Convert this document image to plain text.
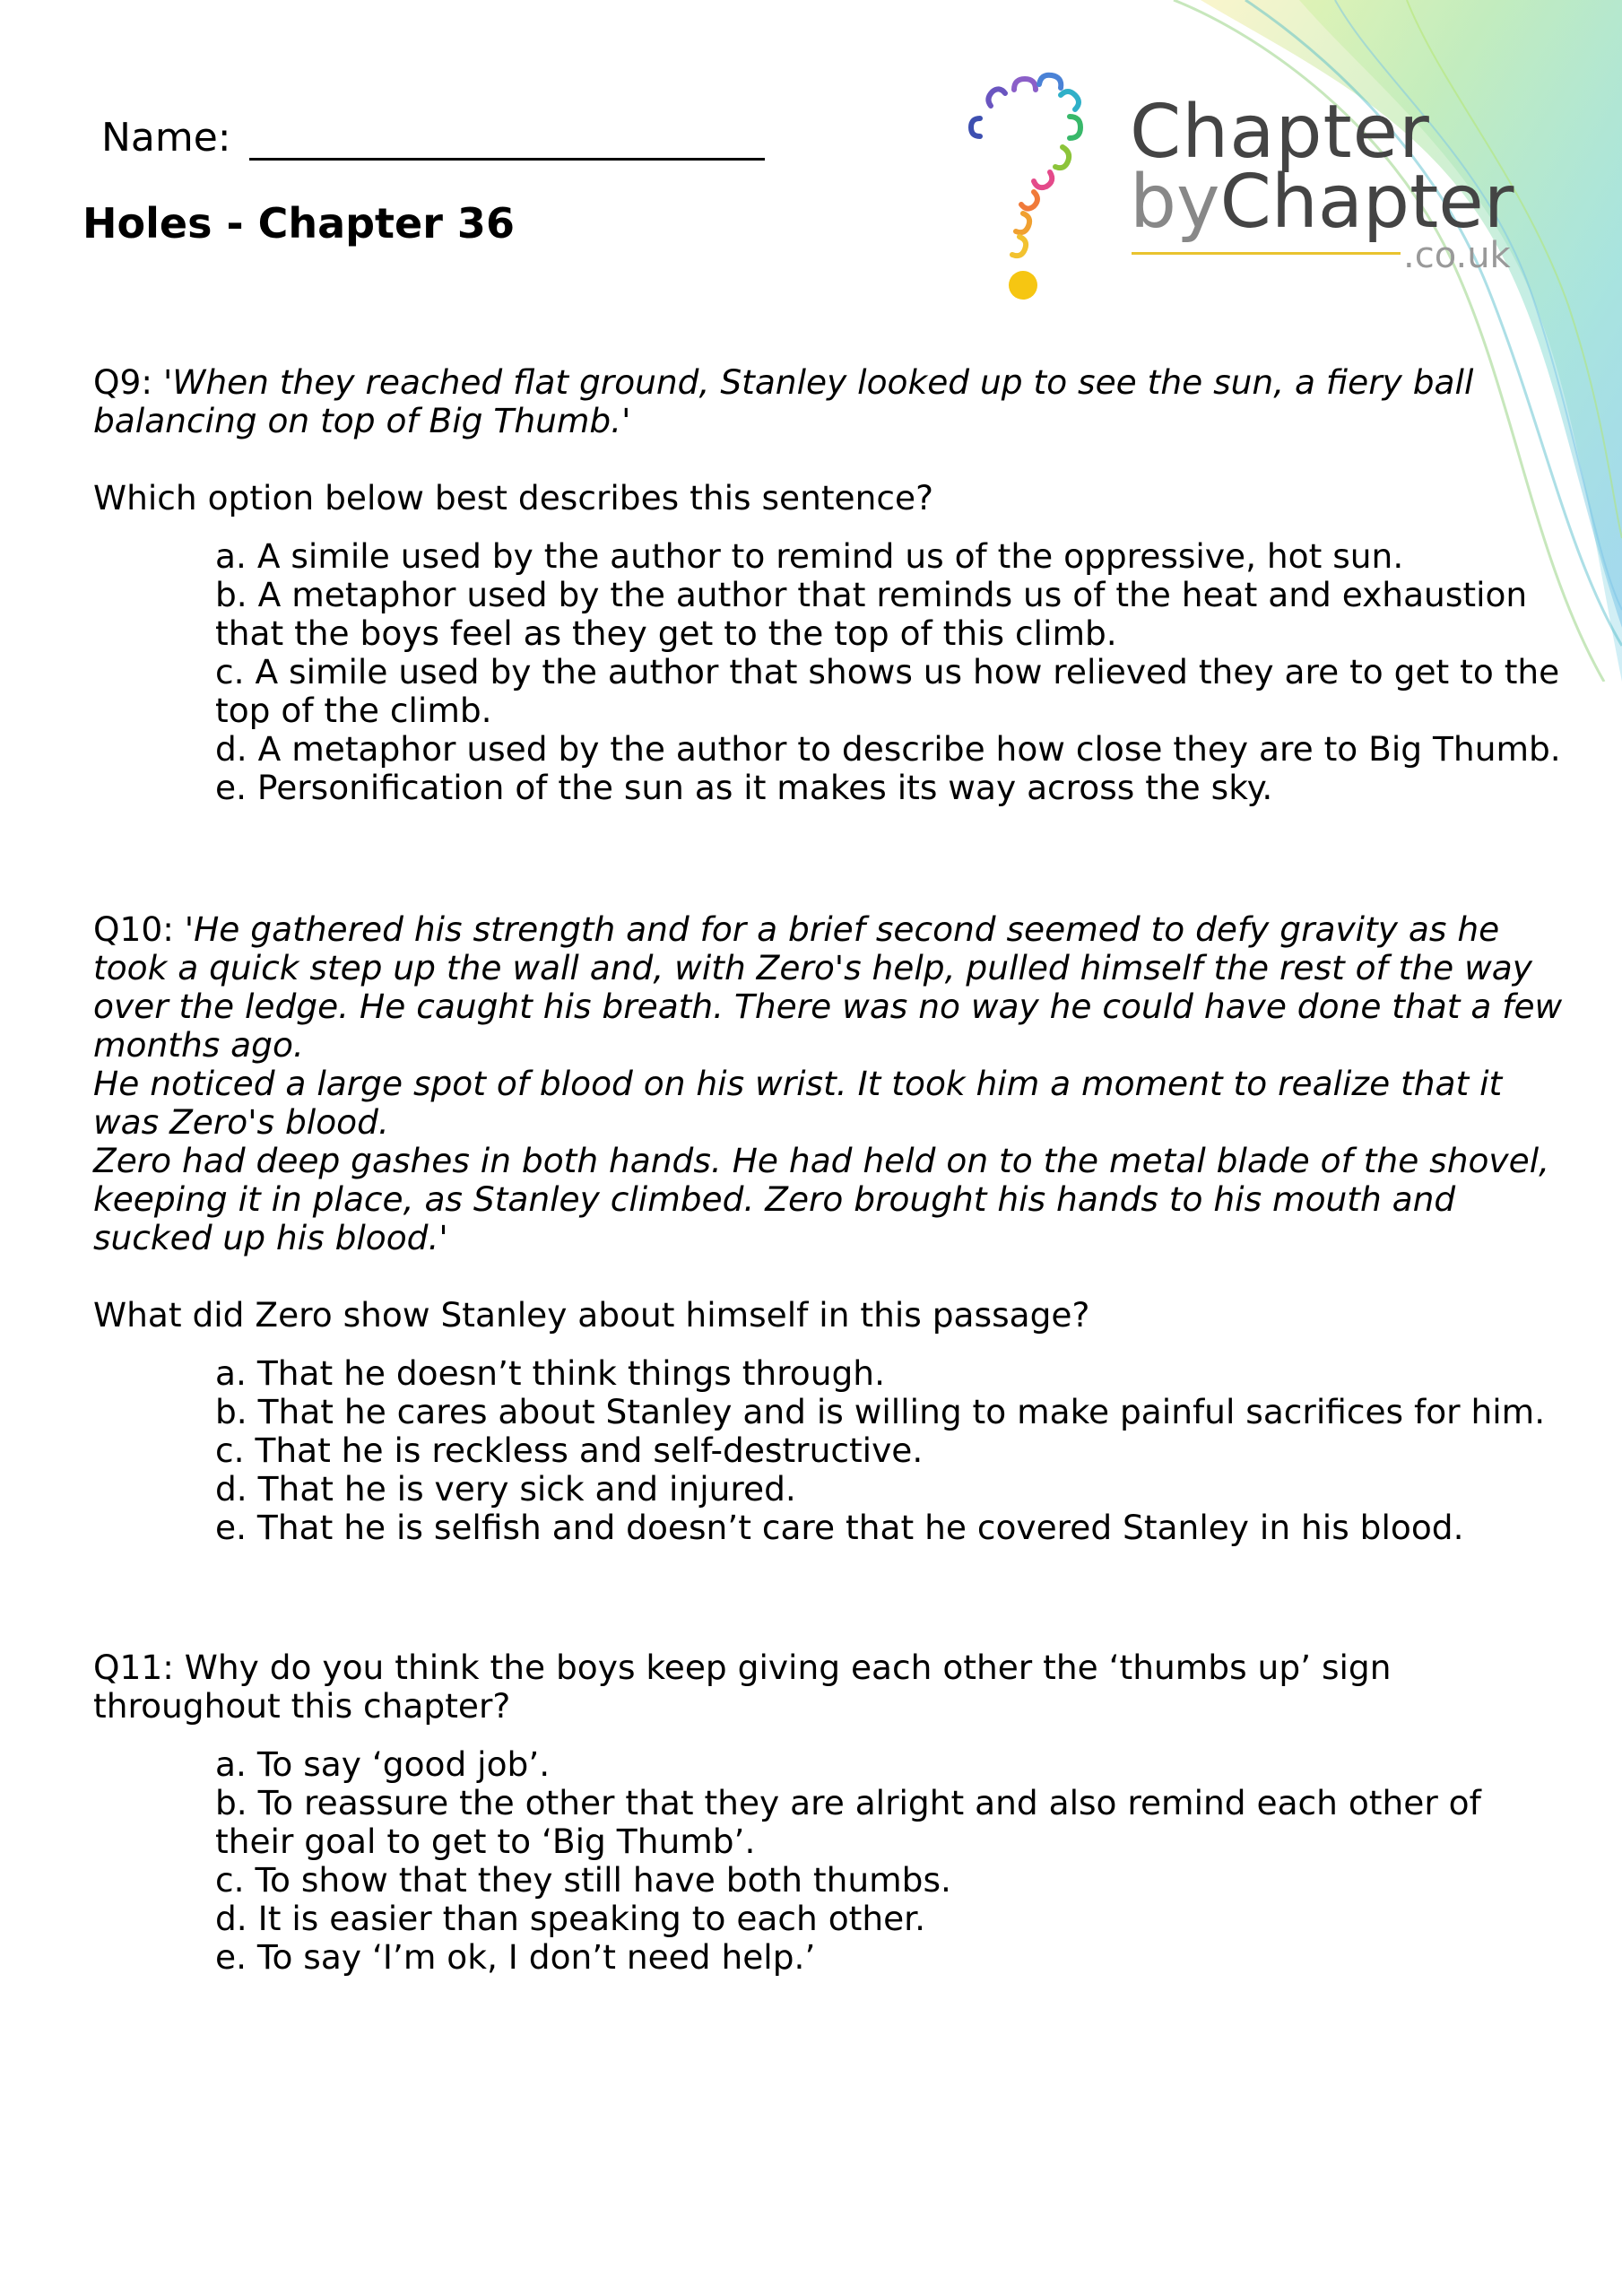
Name:
Holes - Chapter 36
Chapter
byChapter
.co.uk

Q9: 'When they reached flat ground, Stanley looked up to see the sun, a fiery ball balancing on top of Big Thumb.'

Which option below best describes this sentence?

a. A simile used by the author to remind us of the oppressive, hot sun.
b. A metaphor used by the author that reminds us of the heat and exhaustion that the boys feel as they get to the top of this climb.
c. A simile used by the author that shows us how relieved they are to get to the top of the climb.
d. A metaphor used by the author to describe how close they are to Big Thumb.
e. Personification of the sun as it makes its way across the sky.

Q10: 'He gathered his strength and for a brief second seemed to defy gravity as he took a quick step up the wall and, with Zero's help, pulled himself the rest of the way over the ledge. He caught his breath. There was no way he could have done that a few months ago.

He noticed a large spot of blood on his wrist. It took him a moment to realize that it was Zero's blood.

Zero had deep gashes in both hands. He had held on to the metal blade of the shovel, keeping it in place, as Stanley climbed. Zero brought his hands to his mouth and sucked up his blood.'

What did Zero show Stanley about himself in this passage?

a. That he doesn’t think things through.
b. That he cares about Stanley and is willing to make painful sacrifices for him.
c. That he is reckless and self-destructive.
d. That he is very sick and injured.
e. That he is selfish and doesn’t care that he covered Stanley in his blood.

Q11: Why do you think the boys keep giving each other the ‘thumbs up’ sign throughout this chapter?

a. To say ‘good job’.
b. To reassure the other that they are alright and also remind each other of their goal to get to ‘Big Thumb’.
c. To show that they still have both thumbs.
d. It is easier than speaking to each other.
e. To say ‘I’m ok, I don’t need help.’
